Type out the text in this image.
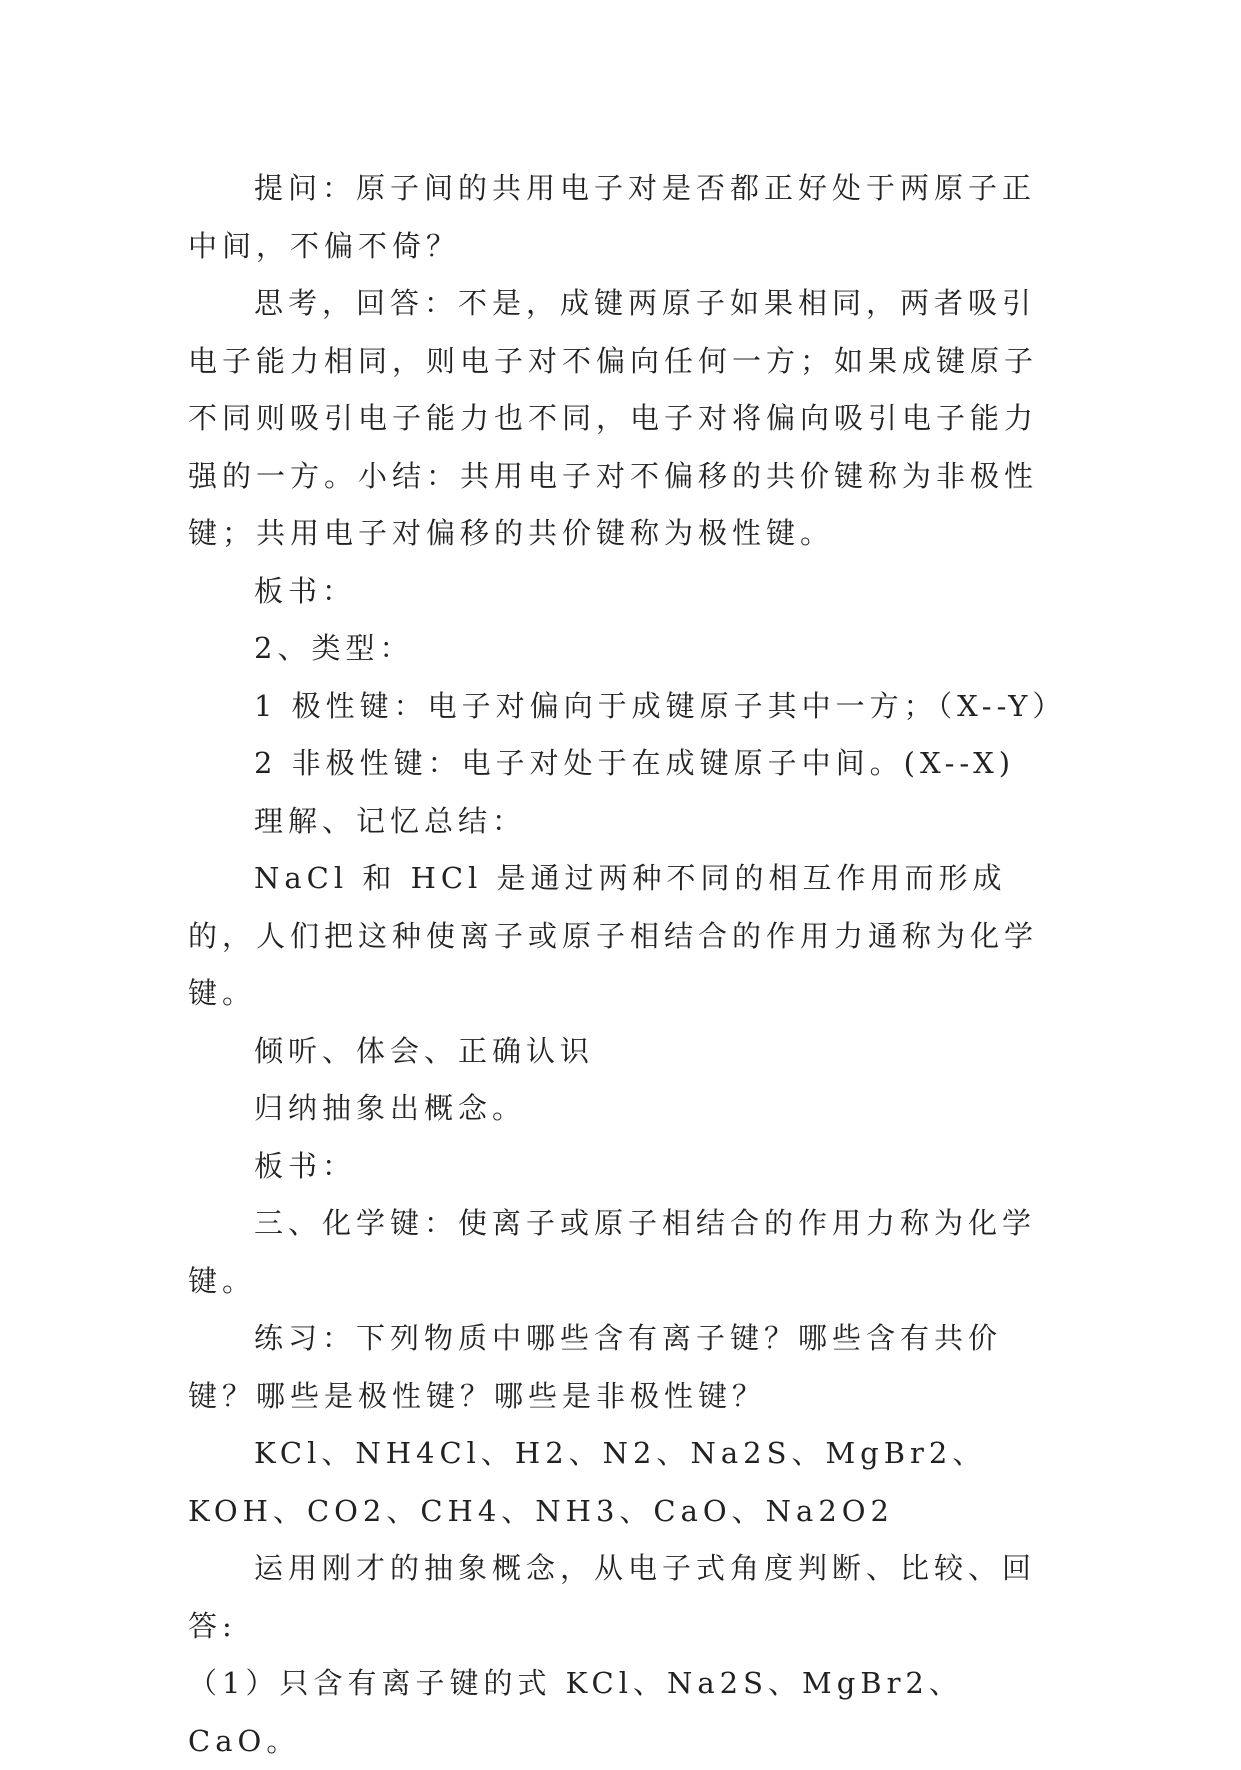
提问：原子间的共用电子对是否都正好处于两原子正中间，不偏不倚？

思考，回答：不是，成键两原子如果相同，两者吸引电子能力相同，则电子对不偏向任何一方；如果成键原子不同则吸引电子能力也不同，电子对将偏向吸引电子能力强的一方。小结：共用电子对不偏移的共价键称为非极性键；共用电子对偏移的共价键称为极性键。

板书：

2、类型：

1 极性键：电子对偏向于成键原子其中一方；（X--Y）

2 非极性键：电子对处于在成键原子中间。(X--X)

理解、记忆总结：

NaCl 和 HCl 是通过两种不同的相互作用而形成的，人们把这种使离子或原子相结合的作用力通称为化学键。

倾听、体会、正确认识

归纳抽象出概念。

板书：

三、化学键：使离子或原子相结合的作用力称为化学键。

练习：下列物质中哪些含有离子键？哪些含有共价键？哪些是极性键？哪些是非极性键？

KCl、NH4Cl、H2、N2、Na2S、MgBr2、KOH、CO2、CH4、NH3、CaO、Na2O2

运用刚才的抽象概念，从电子式角度判断、比较、回答:

（1）只含有离子键的式 KCl、Na2S、MgBr2、CaO。
